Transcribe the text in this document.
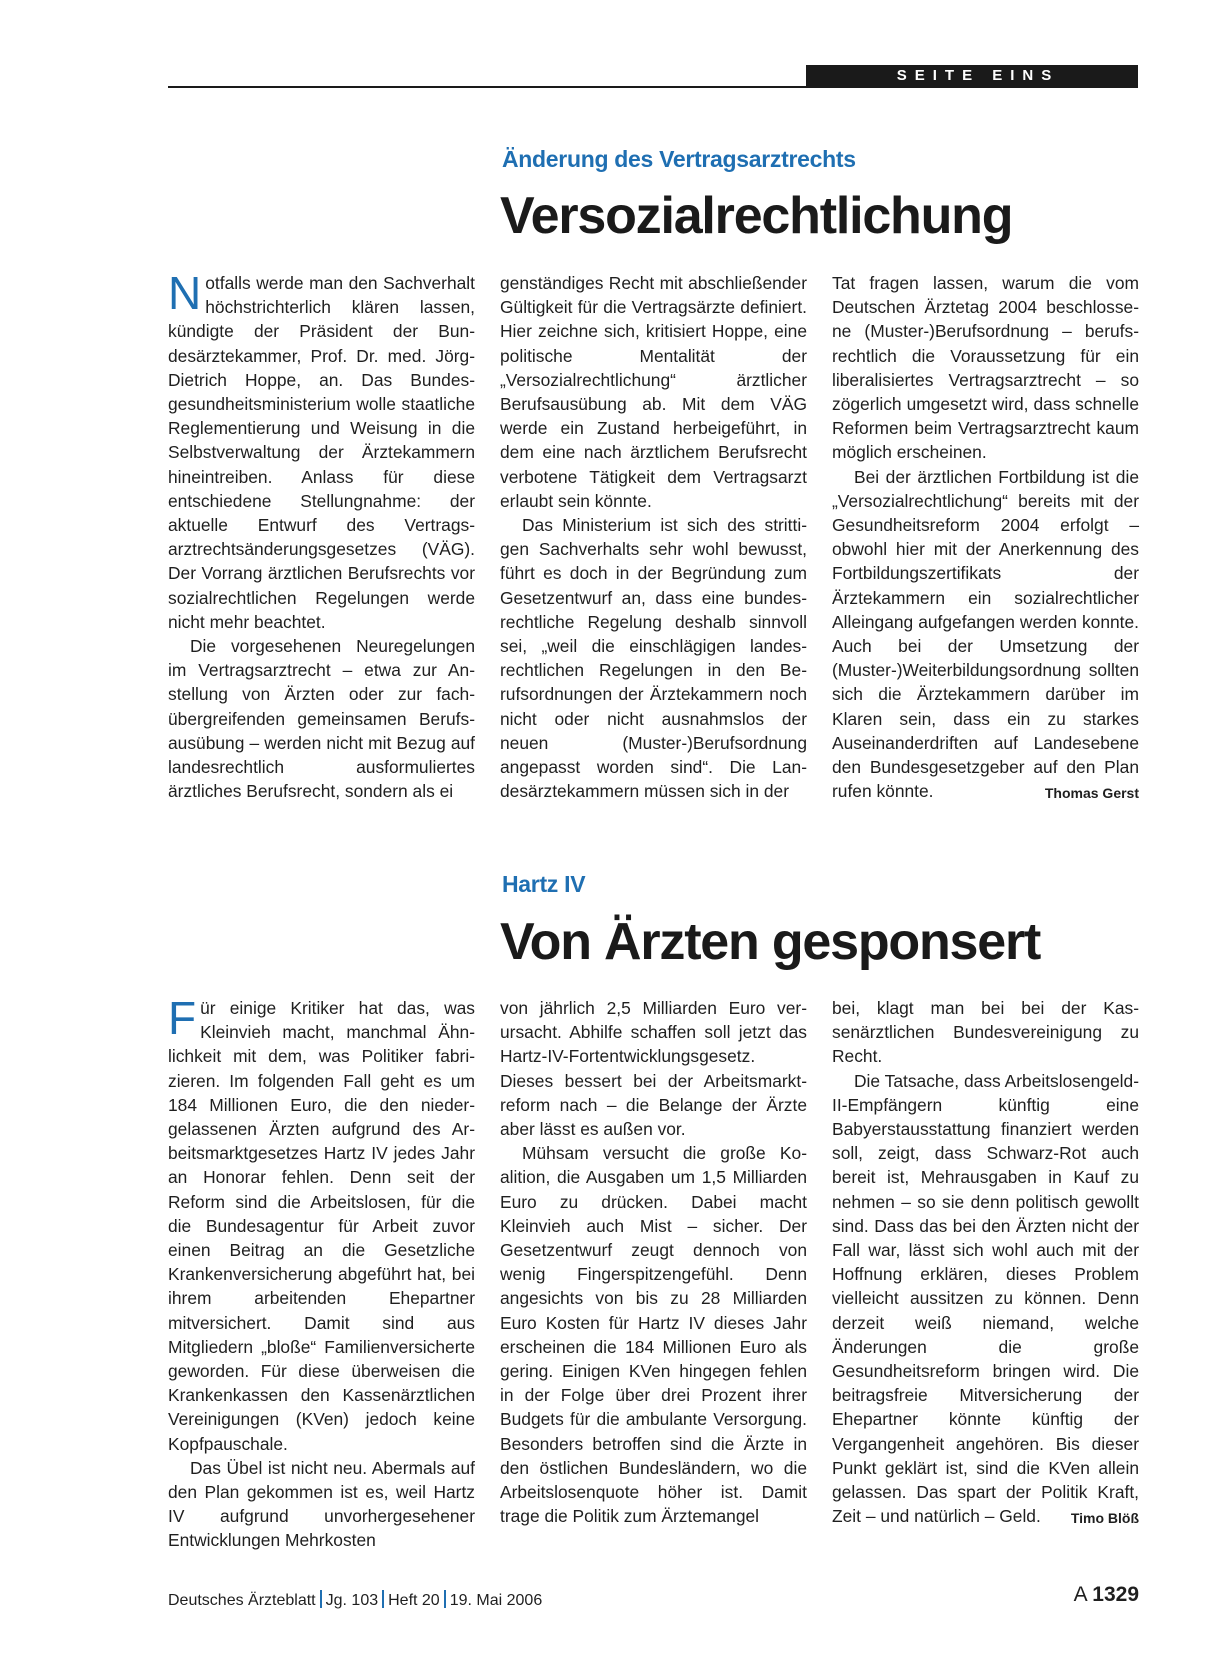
SEITE EINS
Änderung des Vertragsarztrechts
Versozialrechtlichung

Notfalls werde man den Sachverhalt höchstrichterlich klären lassen, kündigte der Präsident der Bundesärztekammer, Prof. Dr. med. Jörg-Dietrich Hoppe, an. Das Bundesgesundheitsministerium wolle staatliche Reglementierung und Weisung in die Selbstverwaltung der Ärztekammern hineintreiben. Anlass für diese entschiedene Stellungnahme: der aktuelle Entwurf des Vertragsarztrechtsänderungsgesetzes (VÄG). Der Vorrang ärztlichen Berufsrechts vor sozialrechtlichen Regelungen werde nicht mehr beachtet.

Die vorgesehenen Neuregelungen im Vertragsarztrecht – etwa zur Anstellung von Ärzten oder zur fachübergreifenden gemeinsamen Berufsausübung – werden nicht mit Bezug auf landesrechtlich ausformuliertes ärztliches Berufsrecht, sondern als ei

genständiges Recht mit abschließender Gültigkeit für die Vertragsärzte definiert. Hier zeichne sich, kritisiert Hoppe, eine politische Mentalität der „Versozialrechtlichung“ ärztlicher Berufsausübung ab. Mit dem VÄG werde ein Zustand herbeigeführt, in dem eine nach ärztlichem Berufsrecht verbotene Tätigkeit dem Vertragsarzt erlaubt sein könnte.

Das Ministerium ist sich des strittigen Sachverhalts sehr wohl bewusst, führt es doch in der Begründung zum Gesetzentwurf an, dass eine bundesrechtliche Regelung deshalb sinnvoll sei, „weil die einschlägigen landesrechtlichen Regelungen in den Berufsordnungen der Ärztekammern noch nicht oder nicht ausnahmslos der neuen (Muster-)Berufsordnung angepasst worden sind“. Die Landesärztekammern müssen sich in der

Tat fragen lassen, warum die vom Deutschen Ärztetag 2004 beschlossene (Muster-)Berufsordnung – berufsrechtlich die Voraussetzung für ein liberalisiertes Vertragsarztrecht – so zögerlich umgesetzt wird, dass schnelle Reformen beim Vertragsarztrecht kaum möglich erscheinen.

Bei der ärztlichen Fortbildung ist die „Versozialrechtlichung“ bereits mit der Gesundheitsreform 2004 erfolgt – obwohl hier mit der Anerkennung des Fortbildungszertifikats der Ärztekammern ein sozialrechtlicher Alleingang aufgefangen werden konnte. Auch bei der Umsetzung der (Muster-)Weiterbildungsordnung sollten sich die Ärztekammern darüber im Klaren sein, dass ein zu starkes Auseinanderdriften auf Landesebene den Bundesgesetzgeber auf den Plan rufen könnte.	Thomas Gerst

Hartz IV
Von Ärzten gesponsert

Für einige Kritiker hat das, was Kleinvieh macht, manchmal Ähnlichkeit mit dem, was Politiker fabrizieren. Im folgenden Fall geht es um 184 Millionen Euro, die den niedergelassenen Ärzten aufgrund des Arbeitsmarktgesetzes Hartz IV jedes Jahr an Honorar fehlen. Denn seit der Reform sind die Arbeitslosen, für die die Bundesagentur für Arbeit zuvor einen Beitrag an die Gesetzliche Krankenversicherung abgeführt hat, bei ihrem arbeitenden Ehepartner mitversichert. Damit sind aus Mitgliedern „bloße“ Familienversicherte geworden. Für diese überweisen die Krankenkassen den Kassenärztlichen Vereinigungen (KVen) jedoch keine Kopfpauschale.

Das Übel ist nicht neu. Abermals auf den Plan gekommen ist es, weil Hartz IV aufgrund unvorhergesehener Entwicklungen Mehrkosten

von jährlich 2,5 Milliarden Euro verursacht. Abhilfe schaffen soll jetzt das Hartz-IV-Fortentwicklungsgesetz. Dieses bessert bei der Arbeitsmarktreform nach – die Belange der Ärzte aber lässt es außen vor.

Mühsam versucht die große Koalition, die Ausgaben um 1,5 Milliarden Euro zu drücken. Dabei macht Kleinvieh auch Mist – sicher. Der Gesetzentwurf zeugt dennoch von wenig Fingerspitzengefühl. Denn angesichts von bis zu 28 Milliarden Euro Kosten für Hartz IV dieses Jahr erscheinen die 184 Millionen Euro als gering. Einigen KVen hingegen fehlen in der Folge über drei Prozent ihrer Budgets für die ambulante Versorgung. Besonders betroffen sind die Ärzte in den östlichen Bundesländern, wo die Arbeitslosenquote höher ist. Damit trage die Politik zum Ärztemangel

bei, klagt man bei bei der Kassenärztlichen Bundesvereinigung zu Recht.

Die Tatsache, dass Arbeitslosengeld-II-Empfängern künftig eine Babyerstausstattung finanziert werden soll, zeigt, dass Schwarz-Rot auch bereit ist, Mehrausgaben in Kauf zu nehmen – so sie denn politisch gewollt sind. Dass das bei den Ärzten nicht der Fall war, lässt sich wohl auch mit der Hoffnung erklären, dieses Problem vielleicht aussitzen zu können. Denn derzeit weiß niemand, welche Änderungen die große Gesundheitsreform bringen wird. Die beitragsfreie Mitversicherung der Ehepartner könnte künftig der Vergangenheit angehören. Bis dieser Punkt geklärt ist, sind die KVen allein gelassen. Das spart der Politik Kraft, Zeit – und natürlich – Geld.	Timo Blöß

Deutsches Ärzteblatt Jg. 103 Heft 20 19. Mai 2006	A 1329
